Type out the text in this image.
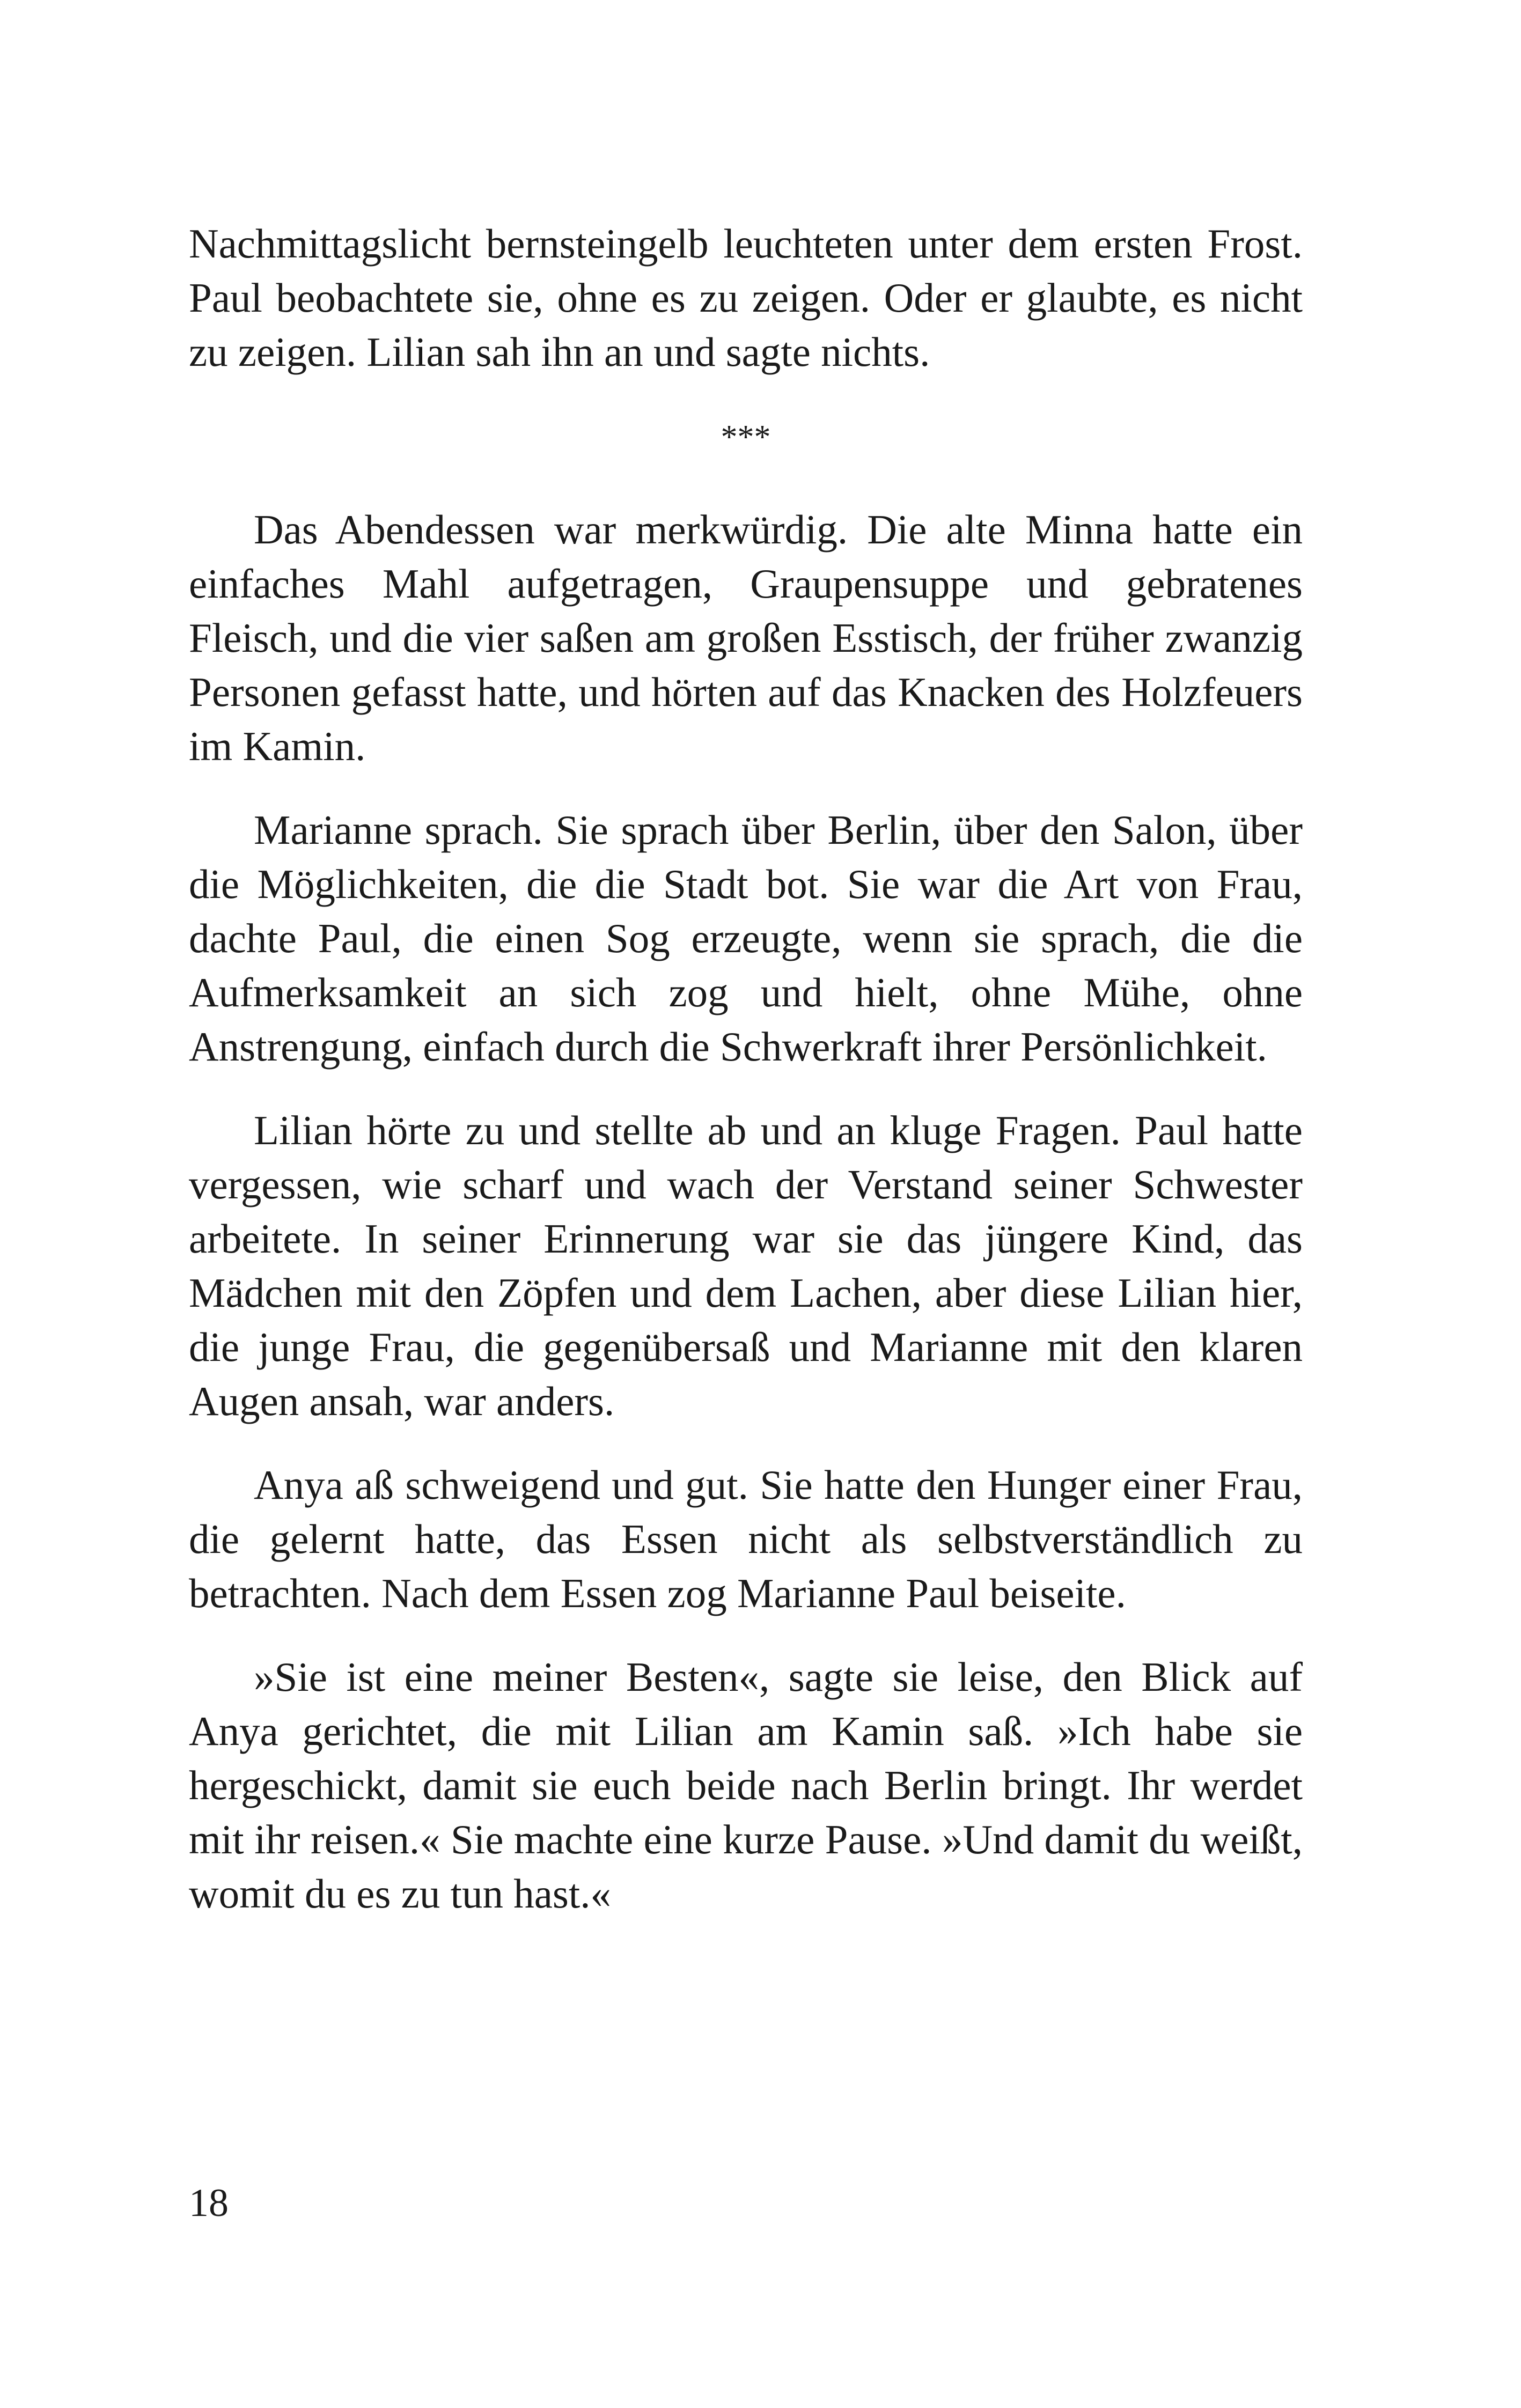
Nachmittagslicht bernsteingelb leuchteten unter dem ersten Frost. Paul beobachtete sie, ohne es zu zeigen. Oder er glaubte, es nicht zu zeigen. Lilian sah ihn an und sagte nichts.

***

Das Abendessen war merkwürdig. Die alte Minna hatte ein einfaches Mahl aufgetragen, Graupensuppe und gebratenes Fleisch, und die vier saßen am großen Esstisch, der früher zwanzig Personen gefasst hatte, und hörten auf das Knacken des Holzfeuers im Kamin.

Marianne sprach. Sie sprach über Berlin, über den Salon, über die Möglichkeiten, die die Stadt bot. Sie war die Art von Frau, dachte Paul, die einen Sog erzeugte, wenn sie sprach, die die Aufmerksamkeit an sich zog und hielt, ohne Mühe, ohne Anstrengung, einfach durch die Schwerkraft ihrer Persönlichkeit.

Lilian hörte zu und stellte ab und an kluge Fragen. Paul hatte vergessen, wie scharf und wach der Verstand seiner Schwester arbeitete. In seiner Erinnerung war sie das jüngere Kind, das Mädchen mit den Zöpfen und dem Lachen, aber diese Lilian hier, die junge Frau, die gegenübersaß und Marianne mit den klaren Augen ansah, war anders.

Anya aß schweigend und gut. Sie hatte den Hunger einer Frau, die gelernt hatte, das Essen nicht als selbstverständlich zu betrachten. Nach dem Essen zog Marianne Paul beiseite.

»Sie ist eine meiner Besten«, sagte sie leise, den Blick auf Anya gerichtet, die mit Lilian am Kamin saß. »Ich habe sie hergeschickt, damit sie euch beide nach Berlin bringt. Ihr werdet mit ihr reisen.« Sie machte eine kurze Pause. »Und damit du weißt, womit du es zu tun hast.«

18
